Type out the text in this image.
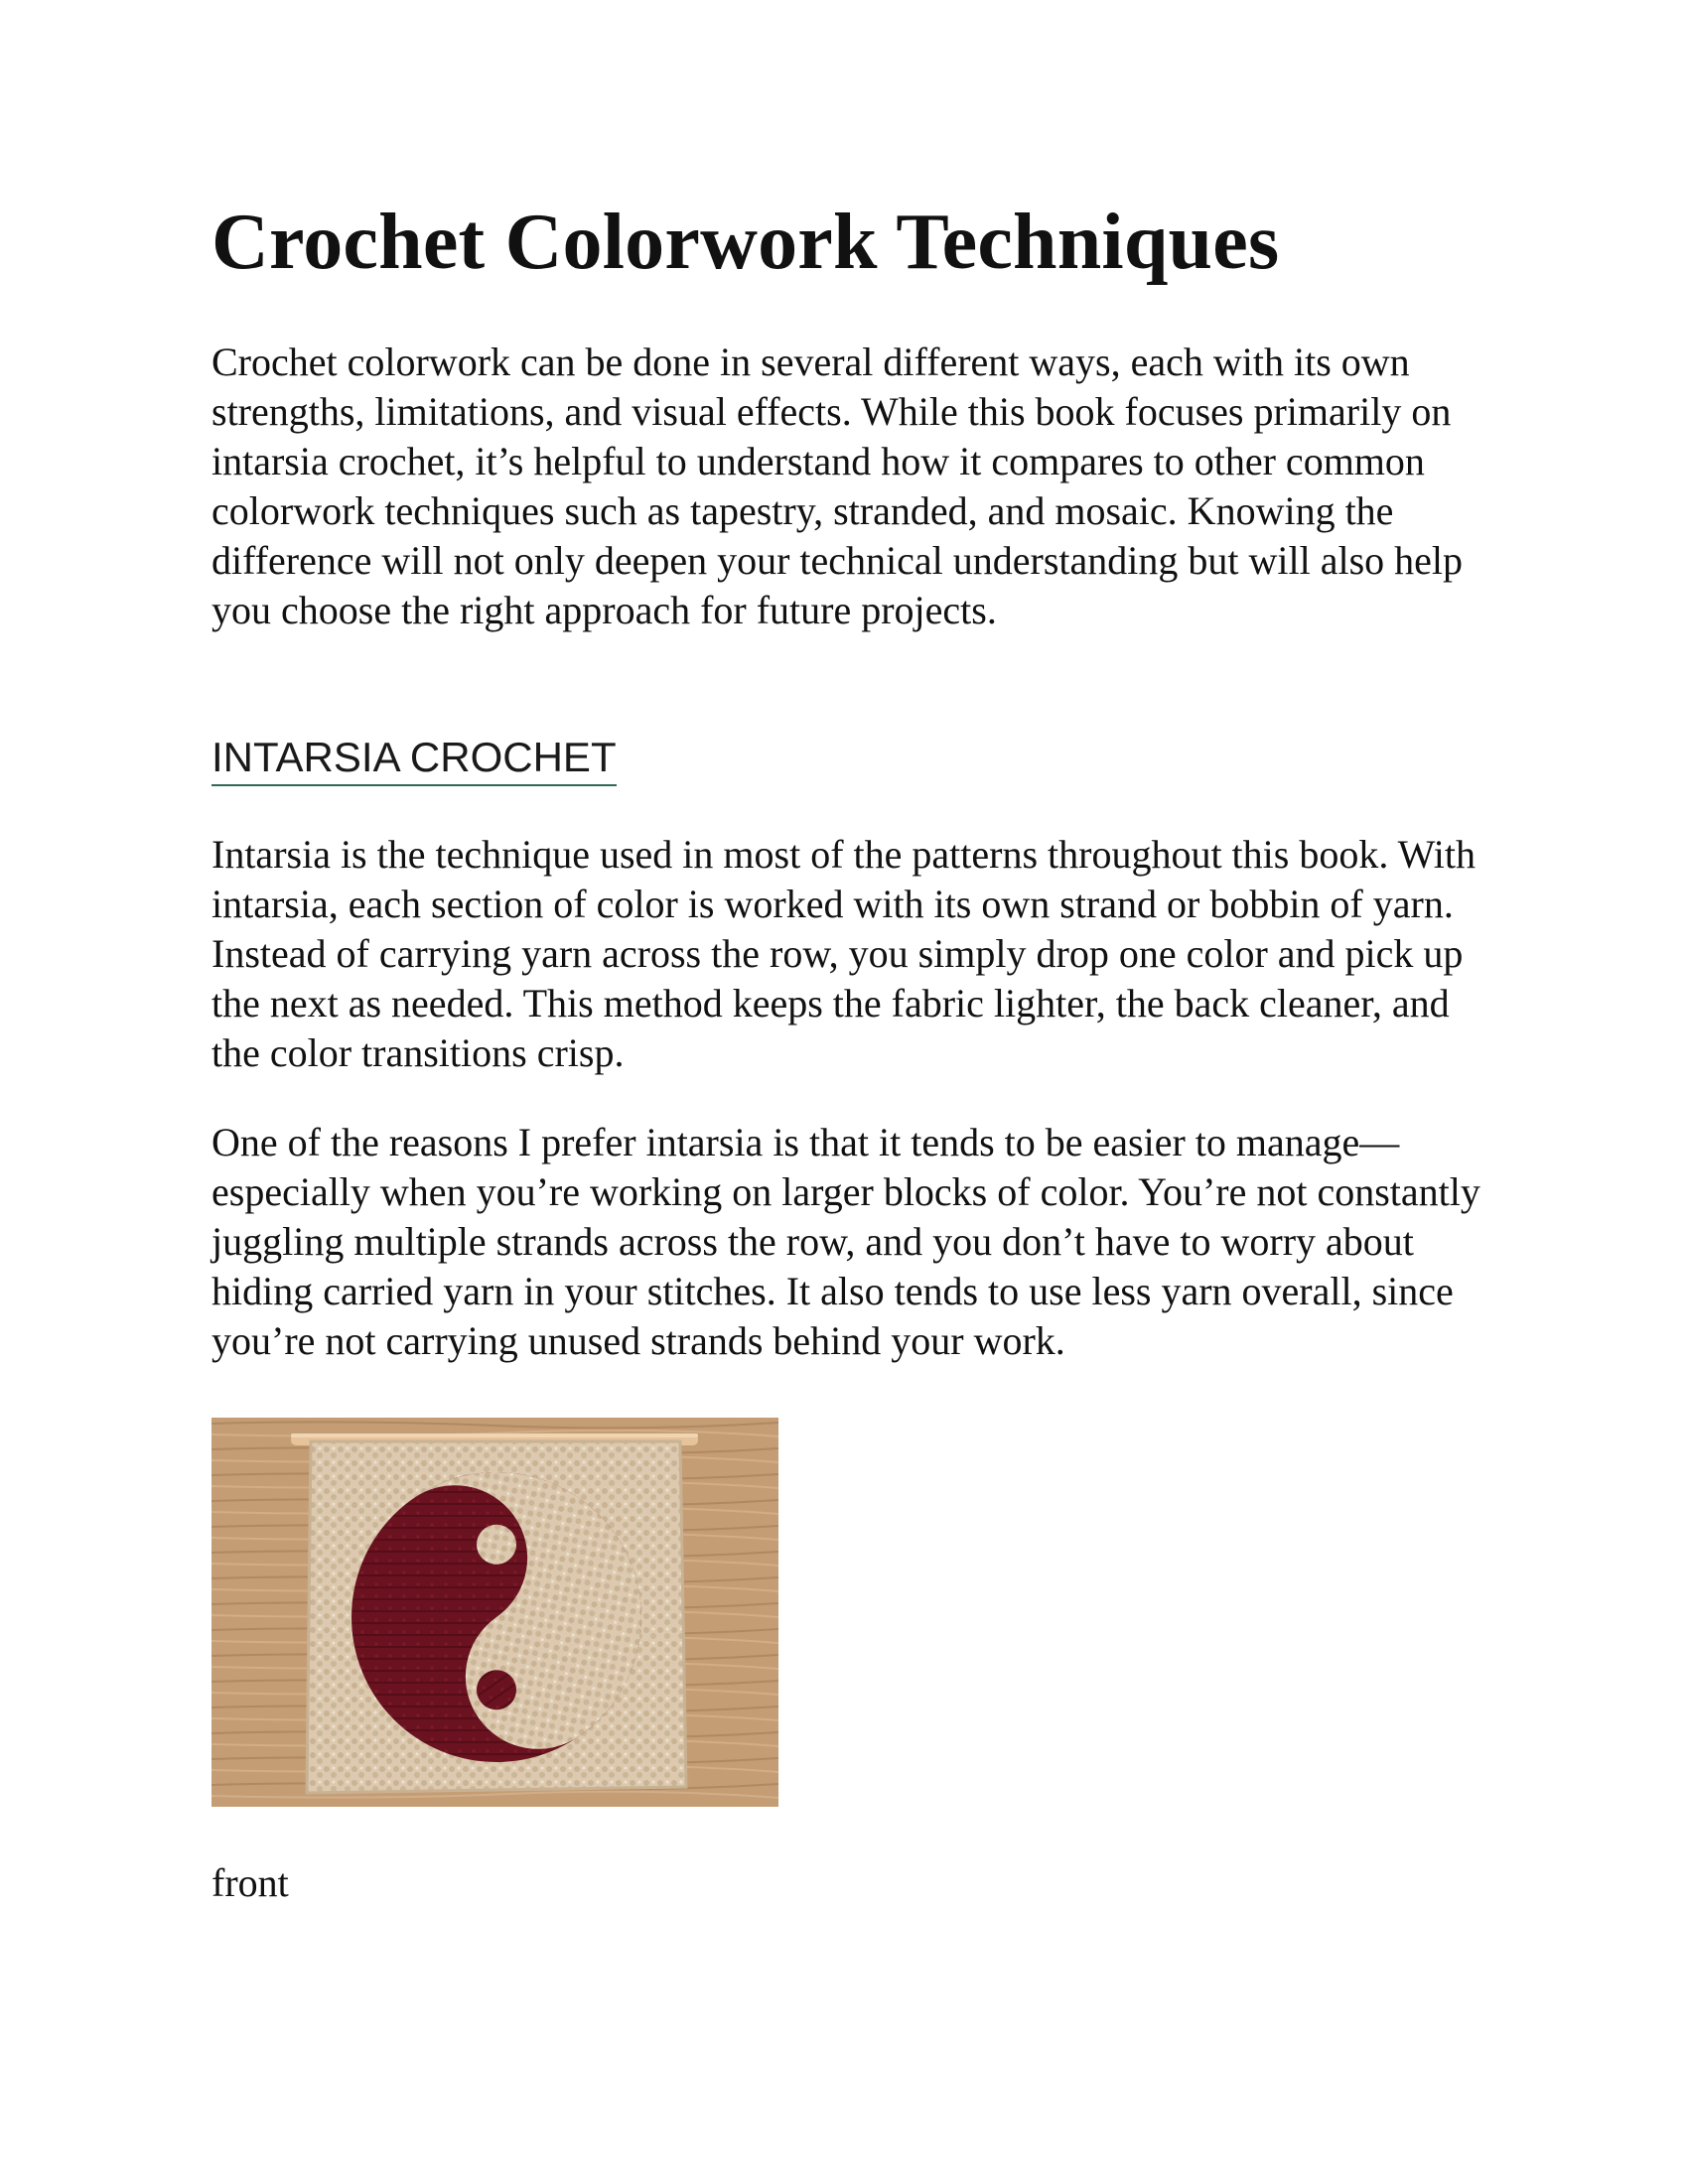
Crochet Colorwork Techniques

Crochet colorwork can be done in several different ways, each with its own strengths, limitations, and visual effects. While this book focuses primarily on intarsia crochet, it’s helpful to understand how it compares to other common colorwork techniques such as tapestry, stranded, and mosaic. Knowing the difference will not only deepen your technical understanding but will also help you choose the right approach for future projects.

INTARSIA CROCHET

Intarsia is the technique used in most of the patterns throughout this book. With intarsia, each section of color is worked with its own strand or bobbin of yarn. Instead of carrying yarn across the row, you simply drop one color and pick up the next as needed. This method keeps the fabric lighter, the back cleaner, and the color transitions crisp.

One of the reasons I prefer intarsia is that it tends to be easier to manage—especially when you’re working on larger blocks of color. You’re not constantly juggling multiple strands across the row, and you don’t have to worry about hiding carried yarn in your stitches. It also tends to use less yarn overall, since you’re not carrying unused strands behind your work.

front
